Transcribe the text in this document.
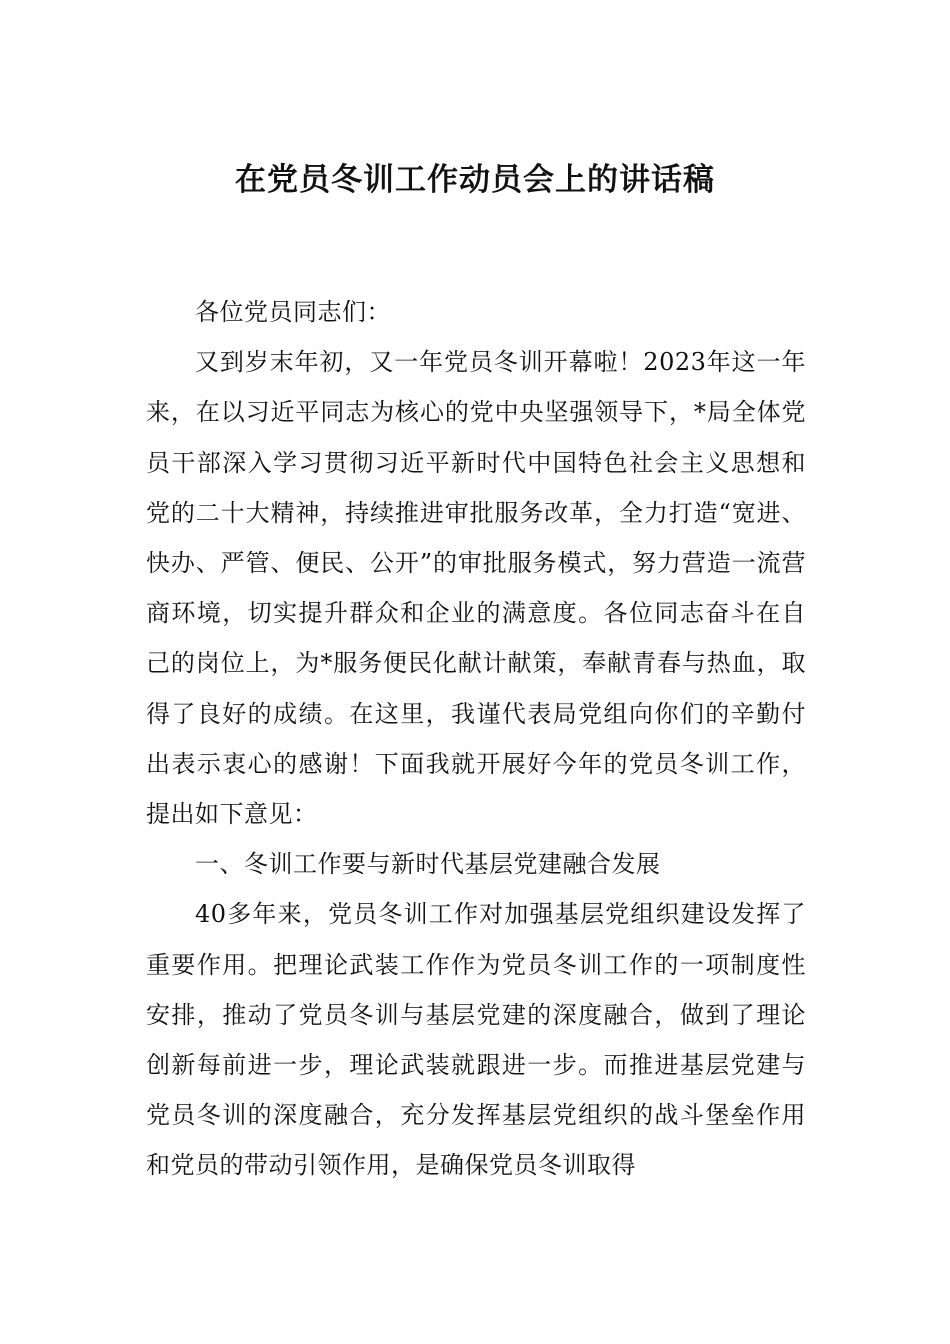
在党员冬训工作动员会上的讲话稿

各位党员同志们：

又到岁末年初，又一年党员冬训开幕啦！2023年这一年来，在以习近平同志为核心的党中央坚强领导下，*局全体党员干部深入学习贯彻习近平新时代中国特色社会主义思想和党的二十大精神，持续推进审批服务改革，全力打造“宽进、快办、严管、便民、公开”的审批服务模式，努力营造一流营商环境，切实提升群众和企业的满意度。各位同志奋斗在自己的岗位上，为*服务便民化献计献策，奉献青春与热血，取得了良好的成绩。在这里，我谨代表局党组向你们的辛勤付出表示衷心的感谢！下面我就开展好今年的党员冬训工作，提出如下意见：

一、冬训工作要与新时代基层党建融合发展

40多年来，党员冬训工作对加强基层党组织建设发挥了重要作用。把理论武装工作作为党员冬训工作的一项制度性安排，推动了党员冬训与基层党建的深度融合，做到了理论创新每前进一步，理论武装就跟进一步。而推进基层党建与党员冬训的深度融合，充分发挥基层党组织的战斗堡垒作用和党员的带动引领作用，是确保党员冬训取得
